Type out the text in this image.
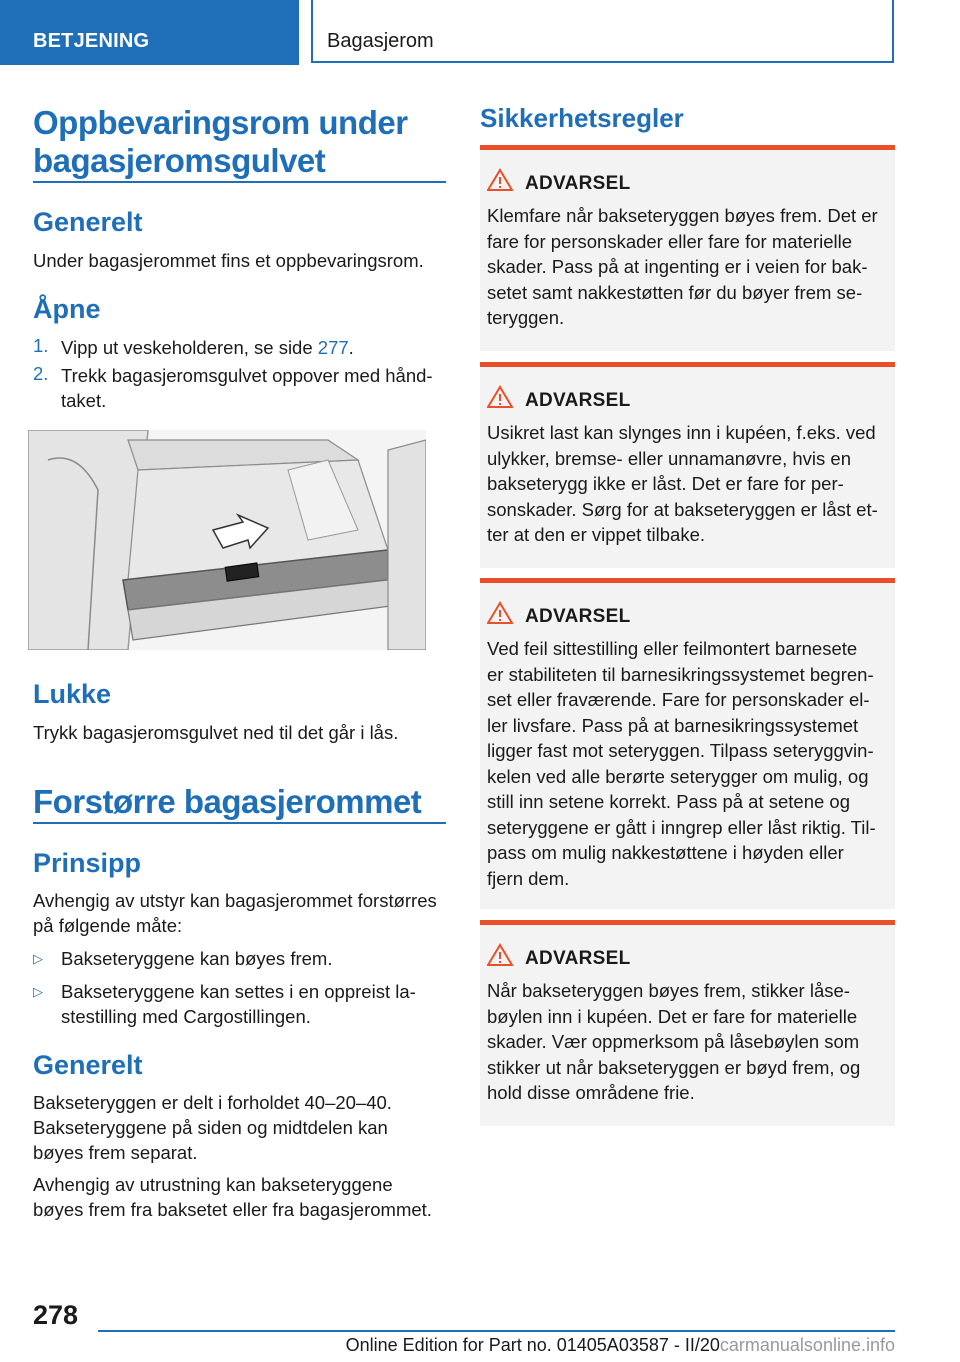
BETJENING	Bagasjerom
Oppbevaringsrom under
bagasjeromsgulvet
Generelt
Under bagasjerommet fins et oppbevaringsrom.
Åpne
1. Vipp ut veskeholderen, se side 277.
2. Trekk bagasjeromsgulvet oppover med hånd-
taket.
Lukke
Trykk bagasjeromsgulvet ned til det går i lås.
Forstørre bagasjerommet
Prinsipp
Avhengig av utstyr kan bagasjerommet forstørres
på følgende måte:
▷ Bakseteryggene kan bøyes frem.
▷ Bakseteryggene kan settes i en oppreist la-
stestilling med Cargostillingen.
Generelt
Bakseteryggen er delt i forholdet 40–20–40.
Bakseteryggene på siden og midtdelen kan
bøyes frem separat.
Avhengig av utrustning kan bakseteryggene
bøyes frem fra baksetet eller fra bagasjerommet.
Sikkerhetsregler
ADVARSEL
Klemfare når bakseteryggen bøyes frem. Det er
fare for personskader eller fare for materielle
skader. Pass på at ingenting er i veien for bak-
setet samt nakkestøtten før du bøyer frem se-
teryggen.
ADVARSEL
Usikret last kan slynges inn i kupéen, f.eks. ved
ulykker, bremse- eller unnamanøvre, hvis en
bakseterygg ikke er låst. Det er fare for per-
sonskader. Sørg for at bakseteryggen er låst et-
ter at den er vippet tilbake.
ADVARSEL
Ved feil sittestilling eller feilmontert barnesete
er stabiliteten til barnesikringssystemet begren-
set eller fraværende. Fare for personskader el-
ler livsfare. Pass på at barnesikringssystemet
ligger fast mot seteryggen. Tilpass seteryggvin-
kelen ved alle berørte seterygger om mulig, og
still inn setene korrekt. Pass på at setene og
seteryggene er gått i inngrep eller låst riktig. Til-
pass om mulig nakkestøttene i høyden eller
fjern dem.
ADVARSEL
Når bakseteryggen bøyes frem, stikker låse-
bøylen inn i kupéen. Det er fare for materielle
skader. Vær oppmerksom på låsebøylen som
stikker ut når bakseteryggen er bøyd frem, og
hold disse områdene frie.
278
Online Edition for Part no. 01405A03587 - II/20carmanualsonline.info
